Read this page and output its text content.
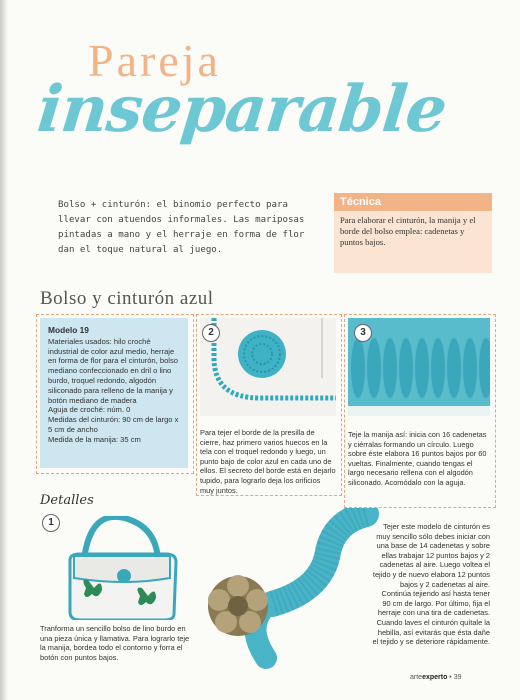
Pareja
inseparable
Bolso + cinturón: el binomio perfecto para llevar con atuendos informales. Las mariposas pintadas a mano y el herraje en forma de flor dan el toque natural al juego.
Técnica
Para elaborar el cinturón, la manija y el borde del bolso emplea: cadenetas y puntos bajos.
Bolso y cinturón azul
Modelo 19
Materiales usados: hilo croché industrial de color azul medio, herraje en forma de flor para el cinturón, bolso mediano confeccionado en dril o lino burdo, troquel redondo, algodón siliconado para relleno de la manija y botón mediano de madera
Aguja de croché: núm. 0
Medidas del cinturón: 90 cm de largo x 5 cm de ancho
Medida de la manija: 35 cm
2
Para tejer el borde de la presilla de cierre, haz primero varios huecos en la tela con el troquel redondo y luego, un punto bajo de color azul en cada uno de ellos. El secreto del borde está en dejarlo tupido, para lograrlo deja los orificios muy juntos.
3
Teje la manija así: inicia con 16 cadenetas y ciérralas formando un círculo. Luego sobre éste elabora 16 puntos bajos por 60 vueltas. Finalmente, cuando tengas el largo necesario rellena con el algodón siliconado. Acomódalo con la aguja.
Detalles
1
Tranforma un sencillo bolso de lino burdo en una pieza única y llamativa. Para lograrlo teje la manija, bordea todo el contorno y forra el botón con puntos bajos.
Tejer este modelo de cinturón es muy sencillo sólo debes iniciar con una base de 14 cadenetas y sobre ellas trabajar 12 puntos bajos y 2 cadenetas al aire. Luego voltea el tejido y de nuevo elabora 12 puntos bajos y 2 cadenetas al aire. Continúa tejiendo así hasta tener 90 cm de largo. Por último, fija el herraje con una tira de cadenetas. Cuando laves el cinturón quítale la hebilla, así evitarás que ésta dañe el tejido y se deteriore rápidamente.
arteexperto • 39
